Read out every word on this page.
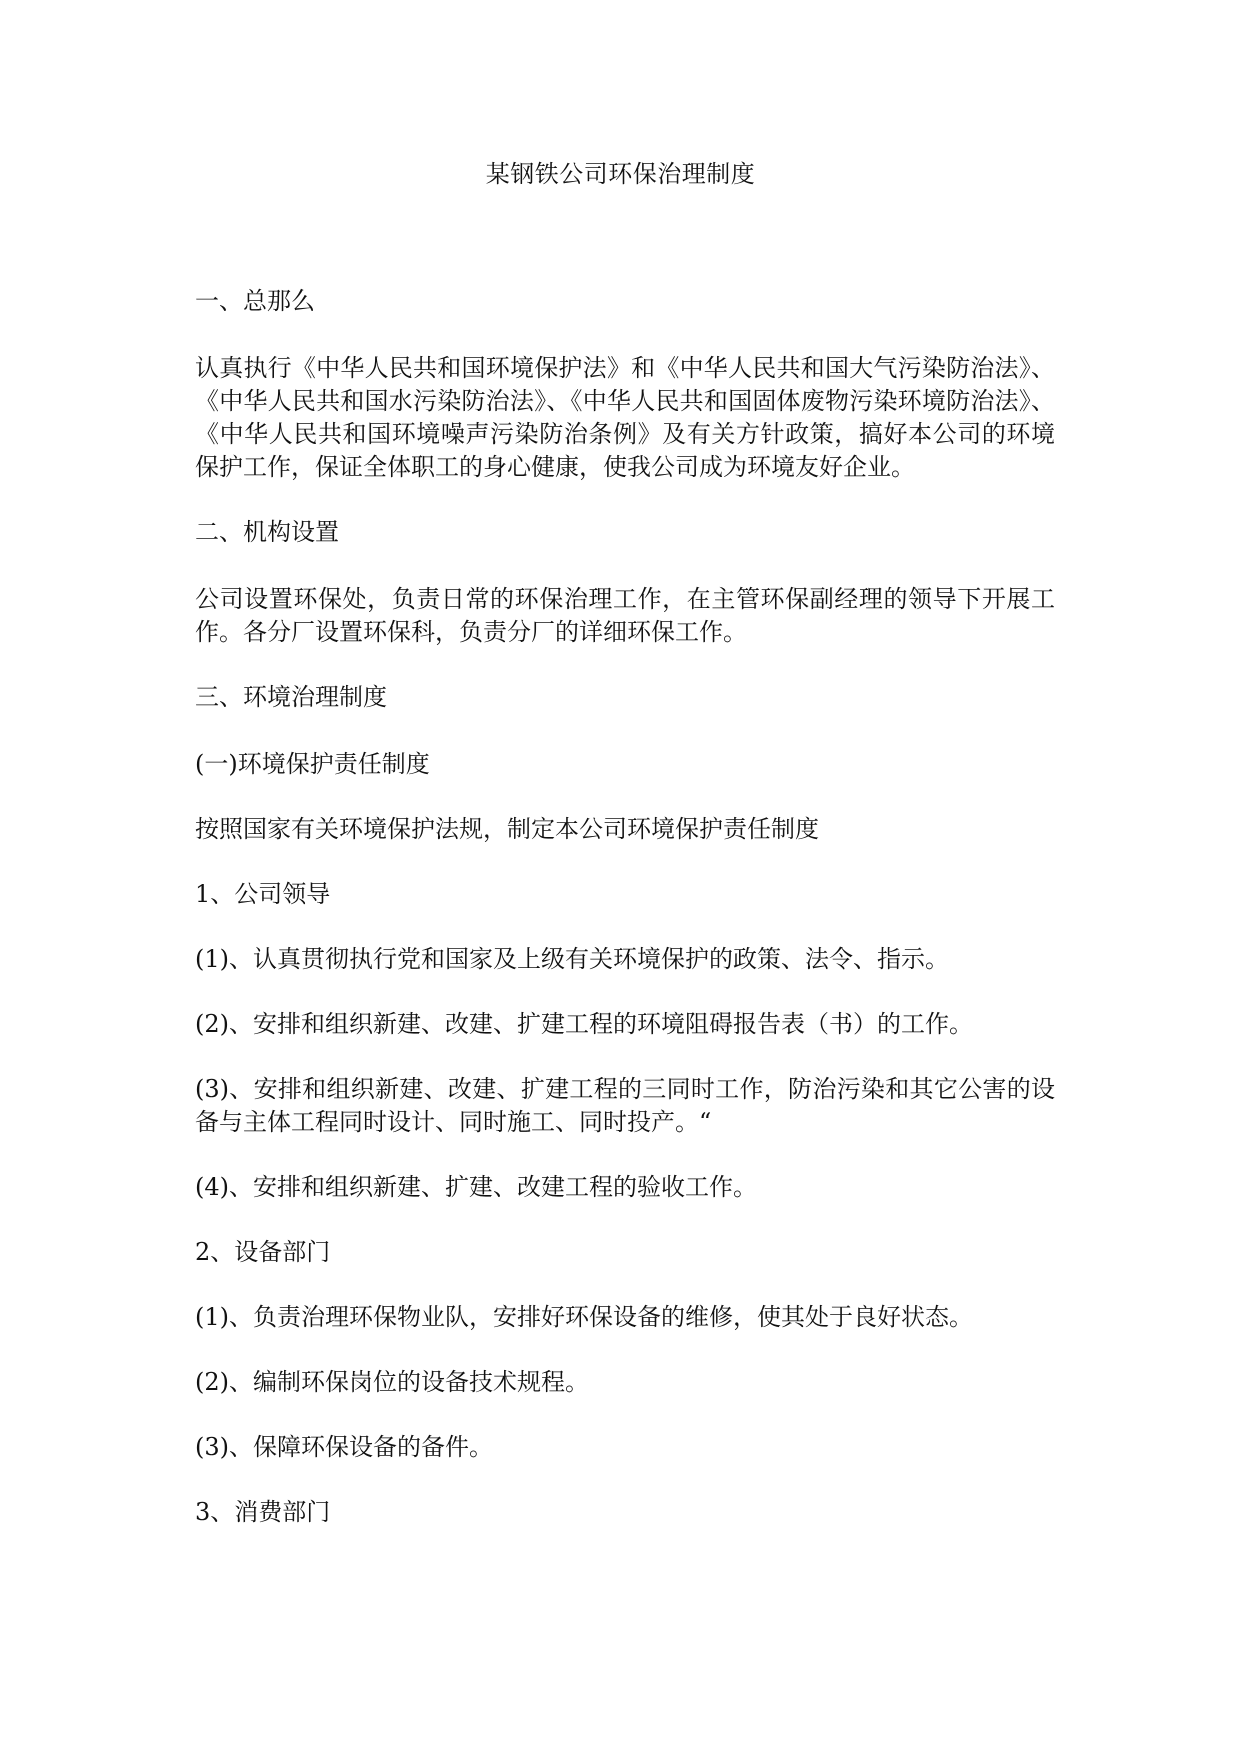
某钢铁公司环保治理制度

一、总那么

认真执行《中华人民共和国环境保护法》和《中华人民共和国大气污染防治法》、《中华人民共和国水污染防治法》、《中华人民共和国固体废物污染环境防治法》、《中华人民共和国环境噪声污染防治条例》及有关方针政策，搞好本公司的环境保护工作，保证全体职工的身心健康，使我公司成为环境友好企业。

二、机构设置

公司设置环保处，负责日常的环保治理工作，在主管环保副经理的领导下开展工作。各分厂设置环保科，负责分厂的详细环保工作。

三、环境治理制度

(一)环境保护责任制度

按照国家有关环境保护法规，制定本公司环境保护责任制度

1、公司领导

(1)、认真贯彻执行党和国家及上级有关环境保护的政策、法令、指示。

(2)、安排和组织新建、改建、扩建工程的环境阻碍报告表（书）的工作。

(3)、安排和组织新建、改建、扩建工程的三同时工作，防治污染和其它公害的设备与主体工程同时设计、同时施工、同时投产。“

(4)、安排和组织新建、扩建、改建工程的验收工作。

2、设备部门

(1)、负责治理环保物业队，安排好环保设备的维修，使其处于良好状态。

(2)、编制环保岗位的设备技术规程。

(3)、保障环保设备的备件。

3、消费部门
